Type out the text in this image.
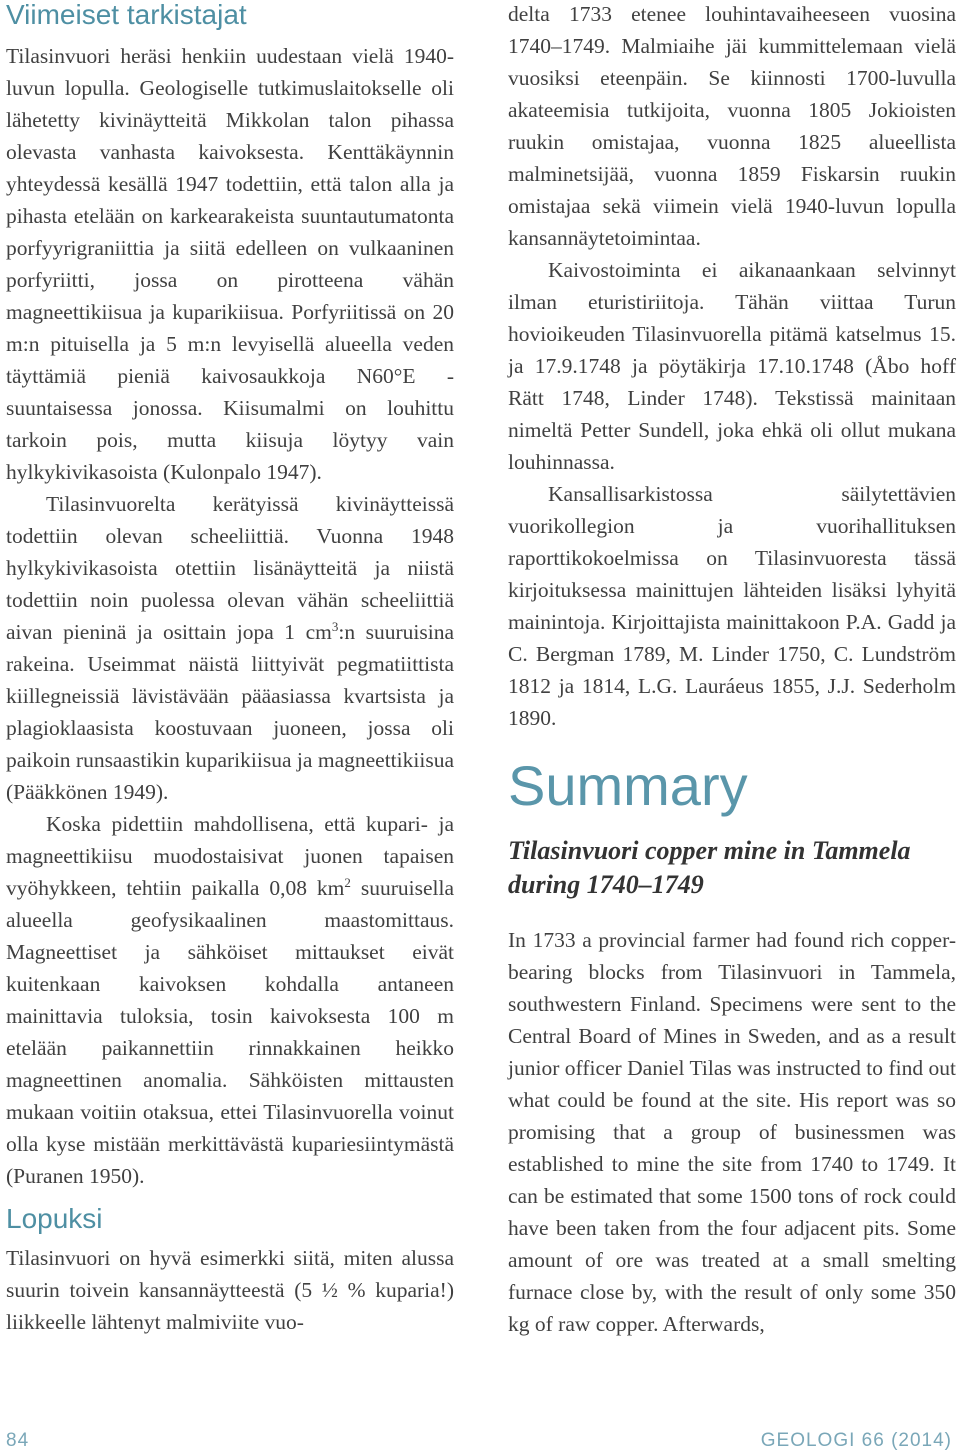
Viimeiset tarkistajat

Tilasinvuori heräsi henkiin uudestaan vielä 1940-luvun lopulla. Geologiselle tutkimuslaitokselle oli lähetetty kivinäytteitä Mikkolan talon pihassa olevasta vanhasta kaivoksesta. Kenttäkäynnin yhteydessä kesällä 1947 todettiin, että talon alla ja pihasta etelään on karkearakeista suuntautumatonta porfyyrigraniittia ja siitä edelleen on vulkaaninen porfyriitti, jossa on pirotteena vähän magneettikiisua ja kuparikiisua. Porfyriitissä on 20 m:n pituisella ja 5 m:n levyisellä alueella veden täyttämiä pieniä kaivosaukkoja N60°E -suuntaisessa jonossa. Kiisumalmi on louhittu tarkoin pois, mutta kiisuja löytyy vain hylkykivikasoista (Kulonpalo 1947).

Tilasinvuorelta kerätyissä kivinäytteissä todettiin olevan scheeliittiä. Vuonna 1948 hylkykivikasoista otettiin lisänäytteitä ja niistä todettiin noin puolessa olevan vähän scheeliittiä aivan pieninä ja osittain jopa 1 $cm^3:n$ suuruisina rakeina. Useimmat näistä liittyivät pegmatiittista kiillegneissiä lävistävään pääasiassa kvartsista ja plagioklaasista koostuvaan juoneen, jossa oli paikoin runsaastikin kuparikiisua ja magneettikiisua (Pääkkönen 1949).

Koska pidettiin mahdollisena, että kupari- ja magneettikiisu muodostaisivat juonen tapaisen vyöhykkeen, tehtiin paikalla 0,08 $km^2$ suuruisella alueella geofysikaalinen maastomittaus. Magneettiset ja sähköiset mittaukset eivät kuitenkaan kaivoksen kohdalla antaneen mainittavia tuloksia, tosin kaivoksesta 100 m etelään paikannettiin rinnakkainen heikko magneettinen anomalia. Sähköisten mittausten mukaan voitiin otaksua, ettei Tilasinvuorella voinut olla kyse mistään merkittävästä kupariesiintymästä (Puranen 1950).

Lopuksi

Tilasinvuori on hyvä esimerkki siitä, miten alussa suurin toivein kansannäytteestä (5 ½ % kuparia!) liikkeelle lähtenyt malmiviite vuo-

delta 1733 etenee louhintavaiheeseen vuosina 1740–1749. Malmiaihe jäi kummittelemaan vielä vuosiksi eteenpäin. Se kiinnosti 1700-luvulla akateemisia tutkijoita, vuonna 1805 Jokioisten ruukin omistajaa, vuonna 1825 alueellista malminetsijää, vuonna 1859 Fiskarsin ruukin omistajaa sekä viimein vielä 1940-luvun lopulla kansannäytetoimintaa.

Kaivostoiminta ei aikanaankaan selvinnyt ilman eturistiriitoja. Tähän viittaa Turun hovioikeuden Tilasinvuorella pitämä katselmus 15. ja 17.9.1748 ja pöytäkirja 17.10.1748 (Åbo hoff Rätt 1748, Linder 1748). Tekstissä mainitaan nimeltä Petter Sundell, joka ehkä oli ollut mukana louhinnassa.

Kansallisarkistossa säilytettävien vuorikollegion ja vuorihallituksen raporttikokoelmissa on Tilasinvuoresta tässä kirjoituksessa mainittujen lähteiden lisäksi lyhyitä mainintoja. Kirjoittajista mainittakoon P.A. Gadd ja C. Bergman 1789, M. Linder 1750, C. Lundström 1812 ja 1814, L.G. Lauráeus 1855, J.J. Sederholm 1890.

Summary
Tilasinvuori copper mine in Tammela during 1740–1749

In 1733 a provincial farmer had found rich copper-bearing blocks from Tilasinvuori in Tammela, southwestern Finland. Specimens were sent to the Central Board of Mines in Sweden, and as a result junior officer Daniel Tilas was instructed to find out what could be found at the site. His report was so promising that a group of businessmen was established to mine the site from 1740 to 1749. It can be estimated that some 1500 tons of rock could have been taken from the four adjacent pits. Some amount of ore was treated at a small smelting furnace close by, with the result of only some 350 kg of raw copper. Afterwards,

84	GEOLOGI 66 (2014)
